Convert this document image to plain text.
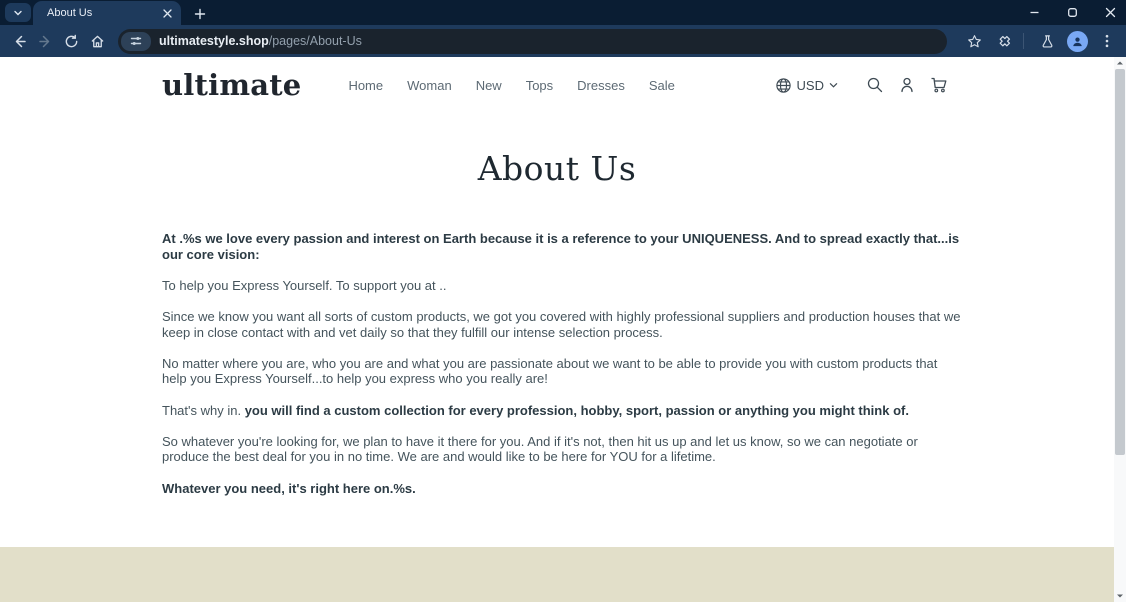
About Us
ultimatestyle.shop/pages/About-Us
ultimate	Home	Woman	New	Tops	Dresses	Sale	USD
About Us

At .%s we love every passion and interest on Earth because it is a reference to your UNIQUENESS. And to spread exactly that...is our core vision:

To help you Express Yourself. To support you at ..

Since we know you want all sorts of custom products, we got you covered with highly professional suppliers and production houses that we keep in close contact with and vet daily so that they fulfill our intense selection process.

No matter where you are, who you are and what you are passionate about we want to be able to provide you with custom products that help you Express Yourself...to help you express who you really are!

That's why in. you will find a custom collection for every profession, hobby, sport, passion or anything you might think of.

So whatever you're looking for, we plan to have it there for you. And if it's not, then hit us up and let us know, so we can negotiate or produce the best deal for you in no time. We are and would like to be here for YOU for a lifetime.

Whatever you need, it's right here on.%s.
